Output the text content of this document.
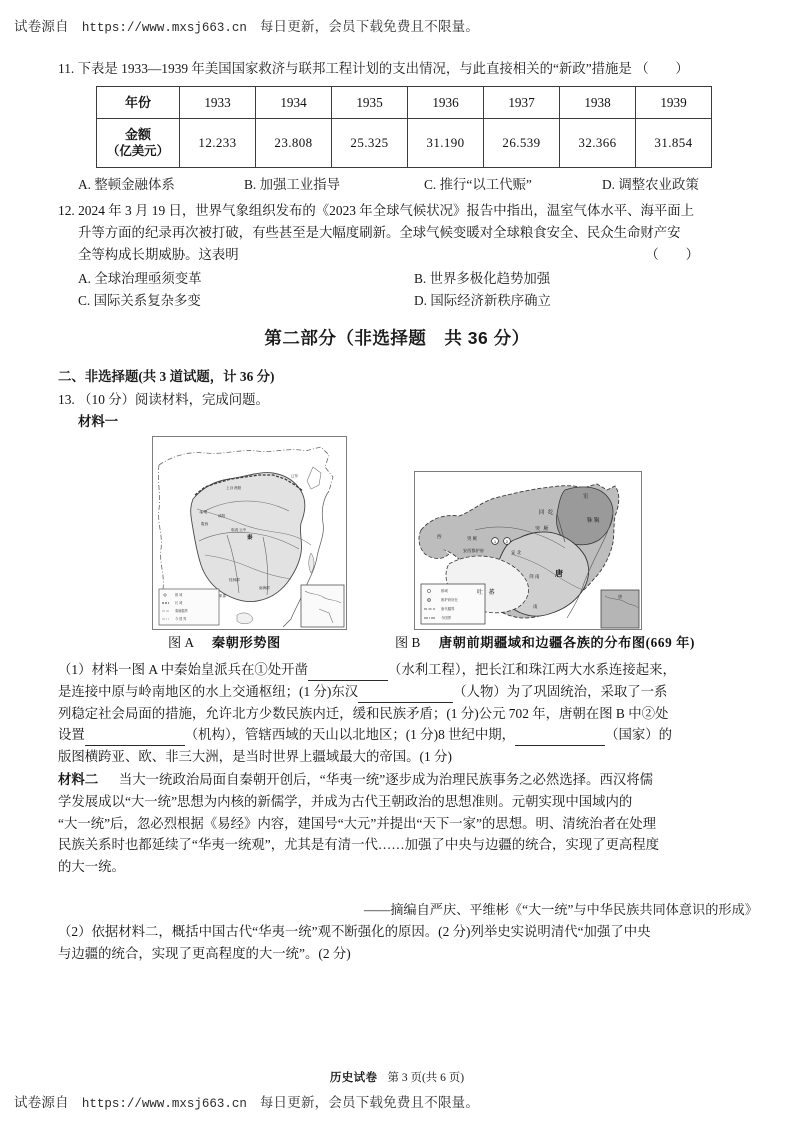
试卷源自 https://www.mxsj663.cn 每日更新，会员下载免费且不限量。
11. 下表是 1933—1939 年美国国家救济与联邦工程计划的支出情况，与此直接相关的“新政”措施是 （　　）
年份	1933	1934	1935	1936	1937	1938	1939

金额
（亿美元）	12.233	23.808	25.325	31.190	26.539	32.366	31.854
A. 整顿金融体系	B. 加强工业指导	C. 推行“以工代赈”	D. 调整农业政策
12. 2024 年 3 月 19 日，世界气象组织发布的《2023 年全球气候状况》报告中指出，温室气体水平、海平面上
升等方面的纪录再次被打破，有些甚至是大幅度刷新。全球气候变暖对全球粮食安全、民众生命财产安
全等构成长期威胁。这表明	（　　）
A. 全球治理亟须变革	B. 世界多极化趋势加强
C. 国际关系复杂多变	D. 国际经济新秩序确立
第二部分（非选择题　共 36 分）
二、非选择题(共 3 道试题，计 36 分)
13. （10 分）阅读材料，完成问题。
材料一
都 城
长 城
秦朝疆界
今 国 界
上谷 渔阳
辽东
北 地
陇西
咸阳
临洮 云中
秦
桂林郡
南海郡
象郡
1 2
唐
都城
都护府所在
唐代疆界
今国界
回 纥
突 厥
室
靺 鞨
突 厥
西
安西都护府	安 北
吐 蕃
剑 南 唐
南
图 A 秦朝形势图	图 B 唐朝前期疆域和边疆各族的分布图(669 年)
（1）材料一图 A 中秦始皇派兵在①处开凿	（水利工程），把长江和珠江两大水系连接起来，
是连接中原与岭南地区的水上交通枢纽；(1 分)东汉	（人物）为了巩固统治，采取了一系
列稳定社会局面的措施，允许北方少数民族内迁，缓和民族矛盾；(1 分)公元 702 年，唐朝在图 B 中②处
设置	（机构），管辖西域的天山以北地区；(1 分)8 世纪中期，	（国家）的
版图横跨亚、欧、非三大洲，是当时世界上疆域最大的帝国。(1 分)
材料二 当大一统政治局面自秦朝开创后，“华夷一统”逐步成为治理民族事务之必然选择。西汉将儒
学发展成以“大一统”思想为内核的新儒学，并成为古代王朝政治的思想准则。元朝实现中国域内的
“大一统”后，忽必烈根据《易经》内容，建国号“大元”并提出“天下一家”的思想。明、清统治者在处理
民族关系时也都延续了“华夷一统观”，尤其是有清一代……加强了中央与边疆的统合，实现了更高程度
的大一统。
——摘编自严庆、平维彬《“大一统”与中华民族共同体意识的形成》
（2）依据材料二，概括中国古代“华夷一统”观不断强化的原因。(2 分)列举史实说明清代“加强了中央
与边疆的统合，实现了更高程度的大一统”。(2 分)
历史试卷 第 3 页(共 6 页)
试卷源自 https://www.mxsj663.cn 每日更新，会员下载免费且不限量。
